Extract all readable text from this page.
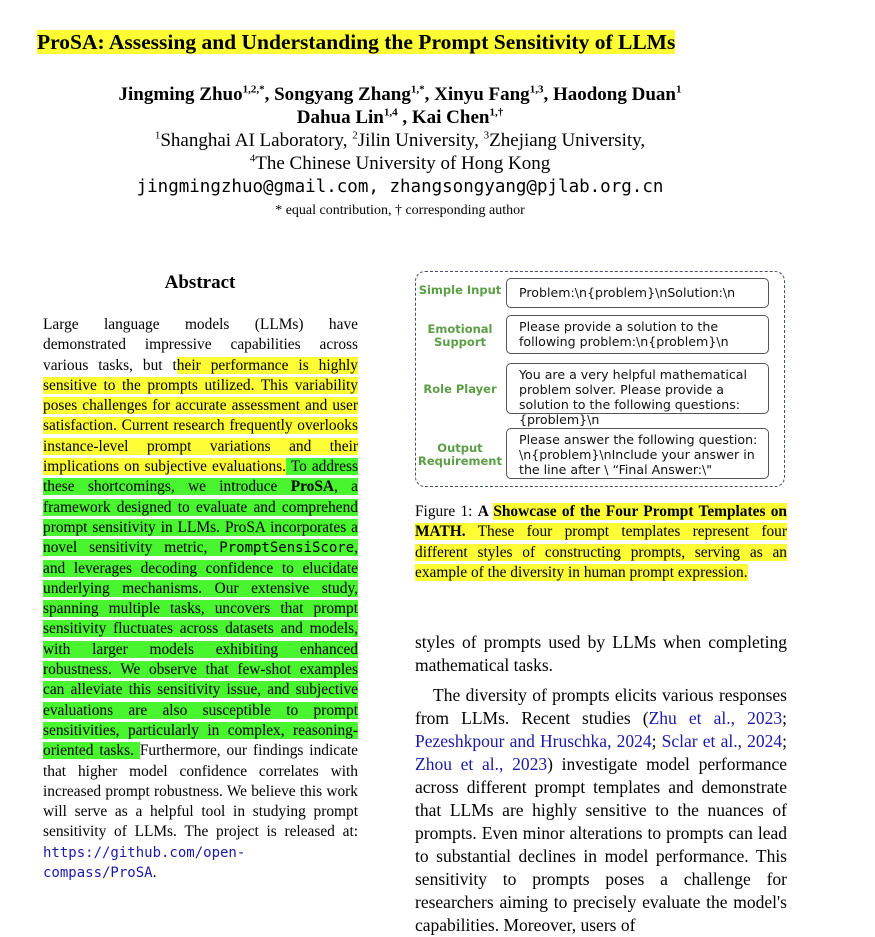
ProSA: Assessing and Understanding the Prompt Sensitivity of LLMs
Jingming Zhuo$^{1,2,*}$, Songyang Zhang$^{1,*}$, Xinyu Fang$^{1,3}$, Haodong Duan$^1$
Dahua Lin$^{1,4}$ , Kai Chen$^{1,\dagger}$
$^1$Shanghai AI Laboratory, $^2$Jilin University, $^3$Zhejiang University,
$^4$The Chinese University of Hong Kong
jingmingzhuo@gmail.com, zhangsongyang@pjlab.org.cn
* equal contribution, † corresponding author
Abstract

Large language models (LLMs) have demonstrated impressive capabilities across various tasks, but their performance is highly sensitive to the prompts utilized. This variability poses challenges for accurate assessment and user satisfaction. Current research frequently overlooks instance-level prompt variations and their implications on subjective evaluations. To address these shortcomings, we introduce ProSA, a framework designed to evaluate and comprehend prompt sensitivity in LLMs. ProSA incorporates a novel sensitivity metric, PromptSensiScore, and leverages decoding confidence to elucidate underlying mechanisms. Our extensive study, spanning multiple tasks, uncovers that prompt sensitivity fluctuates across datasets and models, with larger models exhibiting enhanced robustness. We observe that few-shot examples can alleviate this sensitivity issue, and subjective evaluations are also susceptible to prompt sensitivities, particularly in complex, reasoning-oriented tasks. Furthermore, our findings indicate that higher model confidence correlates with increased prompt robustness. We believe this work will serve as a helpful tool in studying prompt sensitivity of LLMs. The project is released at: https://github.com/open-compass/ProSA.

Simple Input	Problem:\n{problem}\nSolution:\n
Emotional Support
Please provide a solution to the following problem:\n{problem}\n
Role Player
You are a very helpful mathematical problem solver. Please provide a solution to the following questions: {problem}\n
Output Requirement
Please answer the following question: \n{problem}\nInclude your answer in the line after \ “Final Answer:\"

Figure 1: A Showcase of the Four Prompt Templates on MATH. These four prompt templates represent four different styles of constructing prompts, serving as an example of the diversity in human prompt expression.

styles of prompts used by LLMs when completing mathematical tasks.

The diversity of prompts elicits various responses from LLMs. Recent studies (Zhu et al., 2023; Pezeshkpour and Hruschka, 2024; Sclar et al., 2024; Zhou et al., 2023) investigate model performance across different prompt templates and demonstrate that LLMs are highly sensitive to the nuances of prompts. Even minor alterations to prompts can lead to substantial declines in model performance. This sensitivity to prompts poses a challenge for researchers aiming to precisely evaluate the model's capabilities. Moreover, users of
